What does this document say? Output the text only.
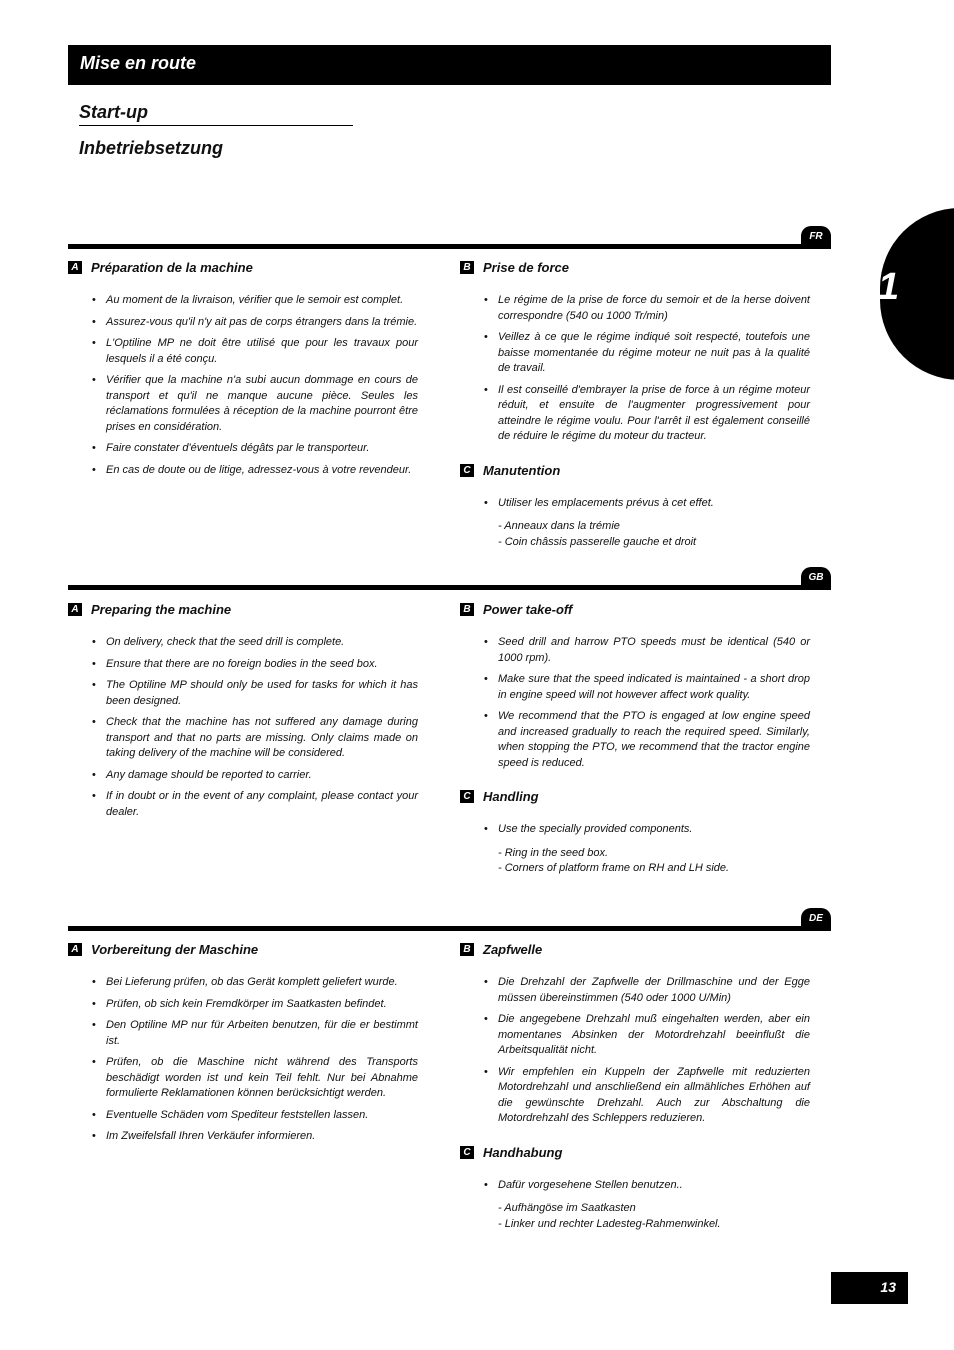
Mise en route
Start-up
Inbetriebsetzung
1
FR
A Préparation de la machine
• Au moment de la livraison, vérifier que le semoir est complet.
• Assurez-vous qu'il n'y ait pas de corps étrangers dans la trémie.
• L'Optiline MP ne doit être utilisé que pour les travaux pour lesquels il a été conçu.
• Vérifier que la machine n'a subi aucun dommage en cours de transport et qu'il ne manque aucune pièce. Seules les réclamations formulées à réception de la machine pourront être prises en considération.
• Faire constater d'éventuels dégâts par le transporteur.
• En cas de doute ou de litige, adressez-vous à votre revendeur.
B Prise de force
• Le régime de la prise de force du semoir et de la herse doivent correspondre (540 ou 1000 Tr/min)
• Veillez à ce que le régime indiqué soit respecté, toutefois une baisse momentanée du régime moteur ne nuit pas à la qualité de travail.
• Il est conseillé d'embrayer la prise de force à un régime moteur réduit, et ensuite de l'augmenter progressivement pour atteindre le régime voulu. Pour l'arrêt il est également conseillé de réduire le régime du moteur du tracteur.
C Manutention
• Utiliser les emplacements prévus à cet effet.
- Anneaux dans la trémie
- Coin châssis passerelle gauche et droit
GB
A Preparing the machine
• On delivery, check that the seed drill is complete.
• Ensure that there are no foreign bodies in the seed box.
• The Optiline MP should only be used for tasks for which it has been designed.
• Check that the machine has not suffered any damage during transport and that no parts are missing. Only claims made on taking delivery of the machine will be considered.
• Any damage should be reported to carrier.
• If in doubt or in the event of any complaint, please contact your dealer.
B Power take-off
• Seed drill and harrow PTO speeds must be identical (540 or 1000 rpm).
• Make sure that the speed indicated is maintained - a short drop in engine speed will not however affect work quality.
• We recommend that the PTO is engaged at low engine speed and increased gradually to reach the required speed. Similarly, when stopping the PTO, we recommend that the tractor engine speed is reduced.
C Handling
• Use the specially provided components.
- Ring in the seed box.
- Corners of platform frame on RH and LH side.
DE
A Vorbereitung der Maschine
• Bei Lieferung prüfen, ob das Gerät komplett geliefert wurde.
• Prüfen, ob sich kein Fremdkörper im Saatkasten befindet.
• Den Optiline MP nur für Arbeiten benutzen, für die er bestimmt ist.
• Prüfen, ob die Maschine nicht während des Transports beschädigt worden ist und kein Teil fehlt. Nur bei Abnahme formulierte Reklamationen können berücksichtigt werden.
• Eventuelle Schäden vom Spediteur feststellen lassen.
• Im Zweifelsfall Ihren Verkäufer informieren.
B Zapfwelle
• Die Drehzahl der Zapfwelle der Drillmaschine und der Egge müssen übereinstimmen (540 oder 1000 U/Min)
• Die angegebene Drehzahl muß eingehalten werden, aber ein momentanes Absinken der Motordrehzahl beeinflußt die Arbeitsqualität nicht.
• Wir empfehlen ein Kuppeln der Zapfwelle mit reduzierten Motordrehzahl und anschließend ein allmähliches Erhöhen auf die gewünschte Drehzahl. Auch zur Abschaltung die Motordrehzahl des Schleppers reduzieren.
C Handhabung
• Dafür vorgesehene Stellen benutzen..
- Aufhängöse im Saatkasten
- Linker und rechter Ladesteg-Rahmenwinkel.
13
